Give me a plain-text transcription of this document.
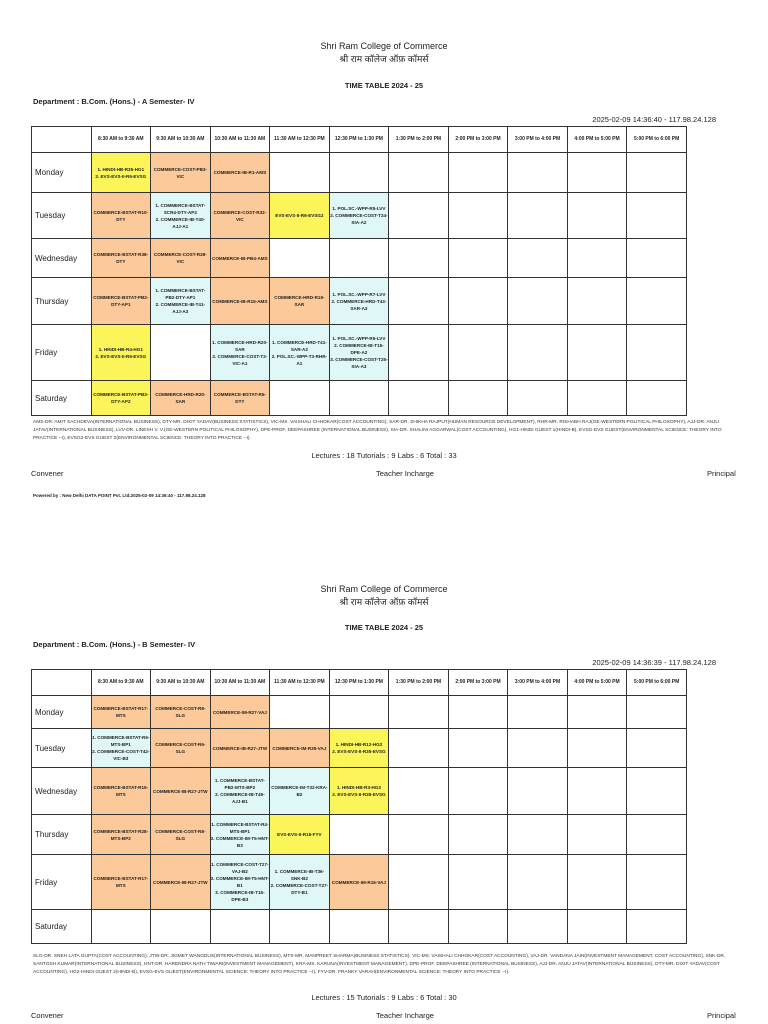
Shri Ram College of Commerce
श्री राम कॉलेज ऑफ़ कॉमर्स
TIME TABLE 2024 - 25
Department : B.Com. (Hons.) - A Semester- IV
2025-02-09 14:36:40 - 117.98.24.128
	8:30 AM to 9:30 AM	9:30 AM to 10:30 AM	10:30 AM to 11:30 AM	11:30 AM to 12:30 PM	12:30 PM to 1:30 PM	1:30 PM to 2:00 PM	2:00 PM to 3:00 PM	3:00 PM to 4:00 PM	4:00 PM to 5:00 PM	5:00 PM to 6:00 PM
Monday	1. HINDI-HB-R35-HG1
2. EVS-EVS-II-R6-EVSG	COMMERCE-COST-PB3-VIC	COMMERCE-IB-R1-AMS							

Tuesday	COMMERCE-BSTAT-R10-DTY	1. COMMERCE-BSTAT-SCR4-DTY-AP2
2. COMMERCE-IB-T40-AJJ-A1	COMMERCE-COST-R32-VIC	EVS-EVS-II-R6-EVSG2	1. POL.SC.-WPP-R5-LVV
2. COMMERCE-COST-T24-SIA-A2					

Wednesday	COMMERCE-BSTAT-R38-DTY	COMMERCE-COST-R28-VIC	COMMERCE-IB-PB4-AMS							

Thursday	COMMERCE-BSTAT-PB2-DTY-AP1	1. COMMERCE-BSTAT-PB2-DTY-AP1
2. COMMERCE-IB-T41-AJJ-A3	COMMERCE-IB-R15-AMS	COMMERCE-HRD-R19-SAR	1. POL.SC.-WPP-R7-LVV
2. COMMERCE-HRD-T43-SAR-A3					

Friday	1. HINDI-HB-R4-HG1
2. EVS-EVS-II-R6-EVSG		1. COMMERCE-HRD-R20-SAR
2. COMMERCE-COST-T2-VIC-A1	1. COMMERCE-HRD-T41-SAR-A2
2. POL.SC.-WPP-T3-RHR-A1	1. POL.SC.-WPP-R5-LVV
2. COMMERCE-IB-T15-DPE-A2
3. COMMERCE-COST-T25-SIA-A3					

Saturday	COMMERCE-BSTAT-PB3-DTY-AP2	COMMERCE-HRD-R20-SAR	COMMERCE-BSTAT-R5-DTY							

AMS-DR. AMIT SACHDEVA(INTERNATIONAL BUSINESS), DTY-MR. DIXIT YADAV(BUSINESS STATISTICS), VIC-MS. VAISHALI CHHOKAR(COST ACCOUNTING), SAR-DR. SHIKHA RAJPUT(HUMAN RESOURCE DEVELOPMENT), RHR-MR. RISHABH RAJ(GE-WESTERN POLITICAL PHILOSOPHY), AJJ-DR. ANJU JATAV(INTERNATIONAL BUSINESS), LVV-DR. LINESH V. V.(GE-WESTERN POLITICAL PHILOSOPHY), DPE-PROF. DEEPASHREE (INTERNATIONAL BUSINESS), SIA-DR. SHALINI AGGARWAL(COST ACCOUNTING), HG1-HINDI GUEST 1(HINDI-B), EVSG-EVS GUEST(ENVIRONMENTAL SCIENCE: THEORY INTO PRACTICE --I), EVSG2-EVS GUEST 2(ENVIRONMENTAL SCIENCE: THEORY INTO PRACTICE --I).
Lectures : 18 Tutorials : 9 Labs : 6 Total : 33
Convener	Teacher Incharge	Principal
Powered by : New Delhi DATA POINT Pvt. Ltd.2025-02-09 14:36:40 - 117.98.24.128
Shri Ram College of Commerce
श्री राम कॉलेज ऑफ़ कॉमर्स
TIME TABLE 2024 - 25
Department : B.Com. (Hons.) - B Semester- IV
2025-02-09 14:36:39 - 117.98.24.128
	8:30 AM to 9:30 AM	9:30 AM to 10:30 AM	10:30 AM to 11:30 AM	11:30 AM to 12:30 PM	12:30 PM to 1:30 PM	1:30 PM to 2:00 PM	2:00 PM to 3:00 PM	3:00 PM to 4:00 PM	4:00 PM to 5:00 PM	5:00 PM to 6:00 PM
Monday	COMMERCE-BSTAT-R17-MTS	COMMERCE-COST-R8-SLG	COMMERCE-IM-R27-VAJ							

Tuesday	1. COMMERCE-BSTAT-R6-MTS-BP1
2. COMMERCE-COST-T42-VIC-B3	COMMERCE-COST-R6-SLG	COMMERCE-IB-R27-JTW	COMMERCE-IM-R35-VAJ	1. HINDI-HB-R12-HG2
2. EVS-EVS-II-R35-EVSG					

Wednesday	COMMERCE-BSTAT-R15-MTS	COMMERCE-IB-R27-JTW	1. COMMERCE-BSTAT-PB2-MTS-BP2
2. COMMERCE-IB-T49-AJJ-B1	COMMERCE-IM-T32-KRA-B2	1. HINDI-HB-R3-HG2
2. EVS-EVS-II-R35-EVSG					

Thursday	COMMERCE-BSTAT-R28-MTS-BP2	COMMERCE-COST-R8-SLG	1. COMMERCE-BSTAT-R4-MTS-BP1
2. COMMERCE-IM-T5-HNT-B3	EVS-EVS-II-R16-FYV						

Friday	COMMERCE-BSTAT-R17-MTS	COMMERCE-IB-R27-JTW	1. COMMERCE-COST-T27-VAJ-B2
2. COMMERCE-IM-T5-HNT-B1
3. COMMERCE-IB-T15-DPE-B3	1. COMMERCE-IB-T36-SNK-B2
2. COMMERCE-COST-T27-DTY-B1	COMMERCE-IM-R16-VAJ					

Saturday										
SLG-DR. SNEH LATA GUPTA(COST ACCOUNTING), JTW-DR. JIGMET WANGDUS(INTERNATIONAL BUSINESS), MTS-MR. MANPREET SHARMA(BUSINESS STATISTICS), VIC-MS. VAISHALI CHHOKAR(COST ACCOUNTING), VAJ-DR. VANDANA JAIN(INVESTMENT MANAGEMENT, COST ACCOUNTING), SNK-DR. SANTOSH KUMAR(INTERNATIONAL BUSINESS), HNT-DR. HARENDRA NATH TIWARI(INVESTMENT MANAGEMENT), KRA-MS. KARUNA(INVESTMENT MANAGEMENT), DPE-PROF. DEEPASHREE (INTERNATIONAL BUSINESS), AJJ-DR. ANJU JATAV(INTERNATIONAL BUSINESS), DTY-MR. DIXIT YADAV(COST ACCOUNTING), HG2-HINDI GUEST 2(HINDI-B), EVSG-EVS GUEST(ENVIRONMENTAL SCIENCE: THEORY INTO PRACTICE --I), FYV-DR. FRANKY VARAH(ENVIRONMENTAL SCIENCE: THEORY INTO PRACTICE --I).
Lectures : 15 Tutorials : 9 Labs : 6 Total : 30
Convener	Teacher Incharge	Principal
